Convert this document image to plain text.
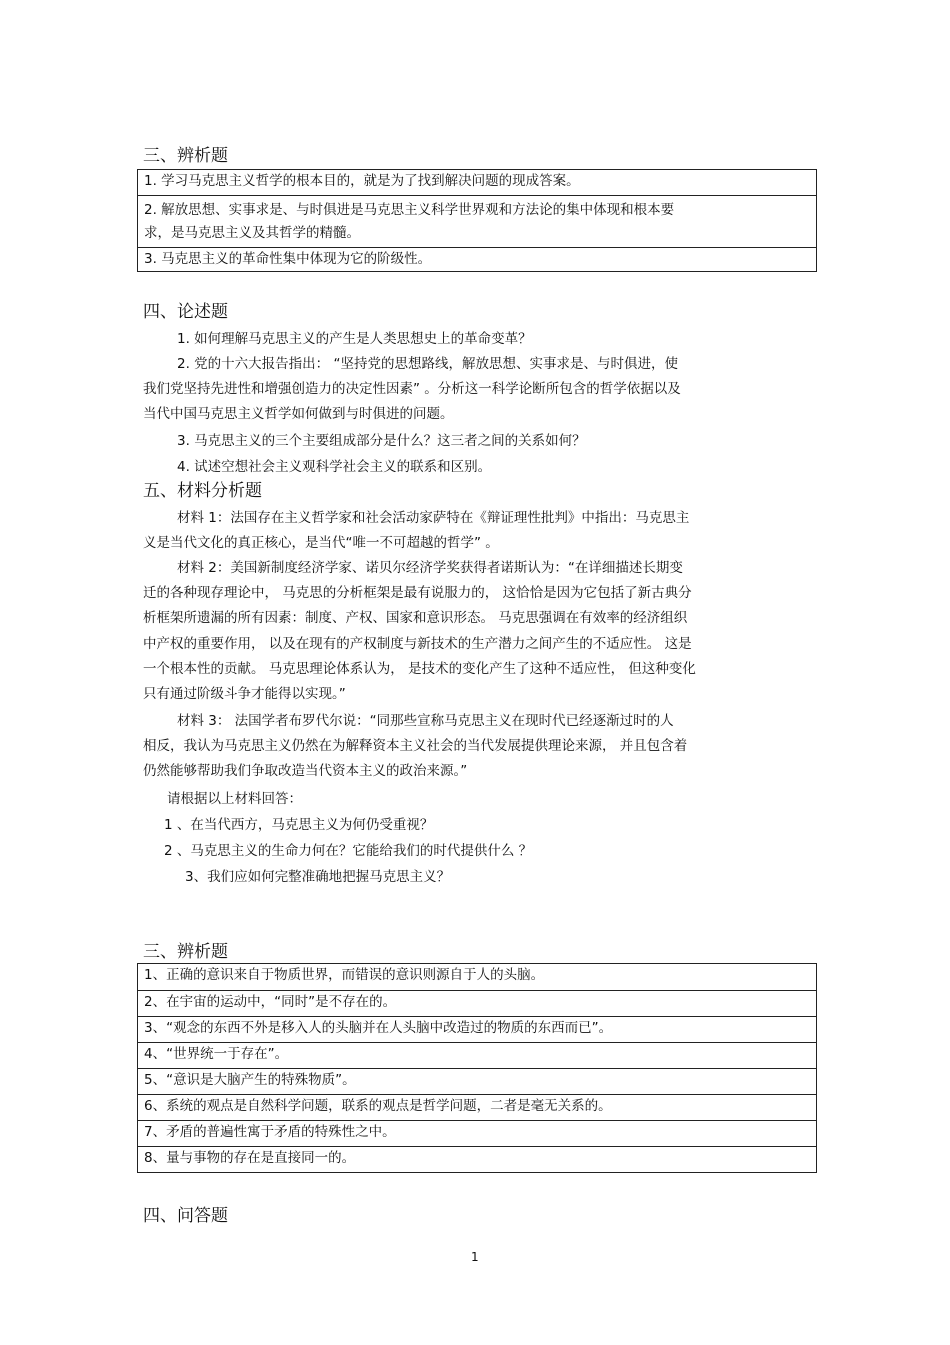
三、辨析题
1. 学习马克思主义哲学的根本目的，就是为了找到解决问题的现成答案。
2. 解放思想、实事求是、与时俱进是马克思主义科学世界观和方法论的集中体现和根本要
求，是马克思主义及其哲学的精髓。
3. 马克思主义的革命性集中体现为它的阶级性。
四、论述题
1. 如何理解马克思主义的产生是人类思想史上的革命变革？
2. 党的十六大报告指出： “坚持党的思想路线，解放思想、实事求是、与时俱进，使
我们党坚持先进性和增强创造力的决定性因素” 。分析这一科学论断所包含的哲学依据以及
当代中国马克思主义哲学如何做到与时俱进的问题。
3. 马克思主义的三个主要组成部分是什么？这三者之间的关系如何？
4. 试述空想社会主义观科学社会主义的联系和区别。
五、材料分析题
材料 1：法国存在主义哲学家和社会活动家萨特在《辩证理性批判》中指出：马克思主
义是当代文化的真正核心，是当代“唯一不可超越的哲学” 。
材料 2：美国新制度经济学家、诺贝尔经济学奖获得者诺斯认为：“在详细描述长期变
迁的各种现存理论中， 马克思的分析框架是最有说服力的， 这恰恰是因为它包括了新古典分
析框架所遗漏的所有因素：制度、产权、国家和意识形态。 马克思强调在有效率的经济组织
中产权的重要作用， 以及在现有的产权制度与新技术的生产潜力之间产生的不适应性。 这是
一个根本性的贡献。 马克思理论体系认为， 是技术的变化产生了这种不适应性， 但这种变化
只有通过阶级斗争才能得以实现。”
材料 3： 法国学者布罗代尔说：“同那些宣称马克思主义在现时代已经逐渐过时的人
相反，我认为马克思主义仍然在为解释资本主义社会的当代发展提供理论来源， 并且包含着
仍然能够帮助我们争取改造当代资本主义的政治来源。”
请根据以上材料回答：
1 、在当代西方，马克思主义为何仍受重视？
2 、马克思主义的生命力何在？它能给我们的时代提供什么 ？
3、我们应如何完整准确地把握马克思主义？
三、辨析题
1、正确的意识来自于物质世界，而错误的意识则源自于人的头脑。
2、在宇宙的运动中，“同时”是不存在的。
3、“观念的东西不外是移入人的头脑并在人头脑中改造过的物质的东西而已”。
4、“世界统一于存在”。
5、“意识是大脑产生的特殊物质”。
6、系统的观点是自然科学问题，联系的观点是哲学问题，二者是毫无关系的。
7、矛盾的普遍性寓于矛盾的特殊性之中。
8、量与事物的存在是直接同一的。
四、问答题
1
